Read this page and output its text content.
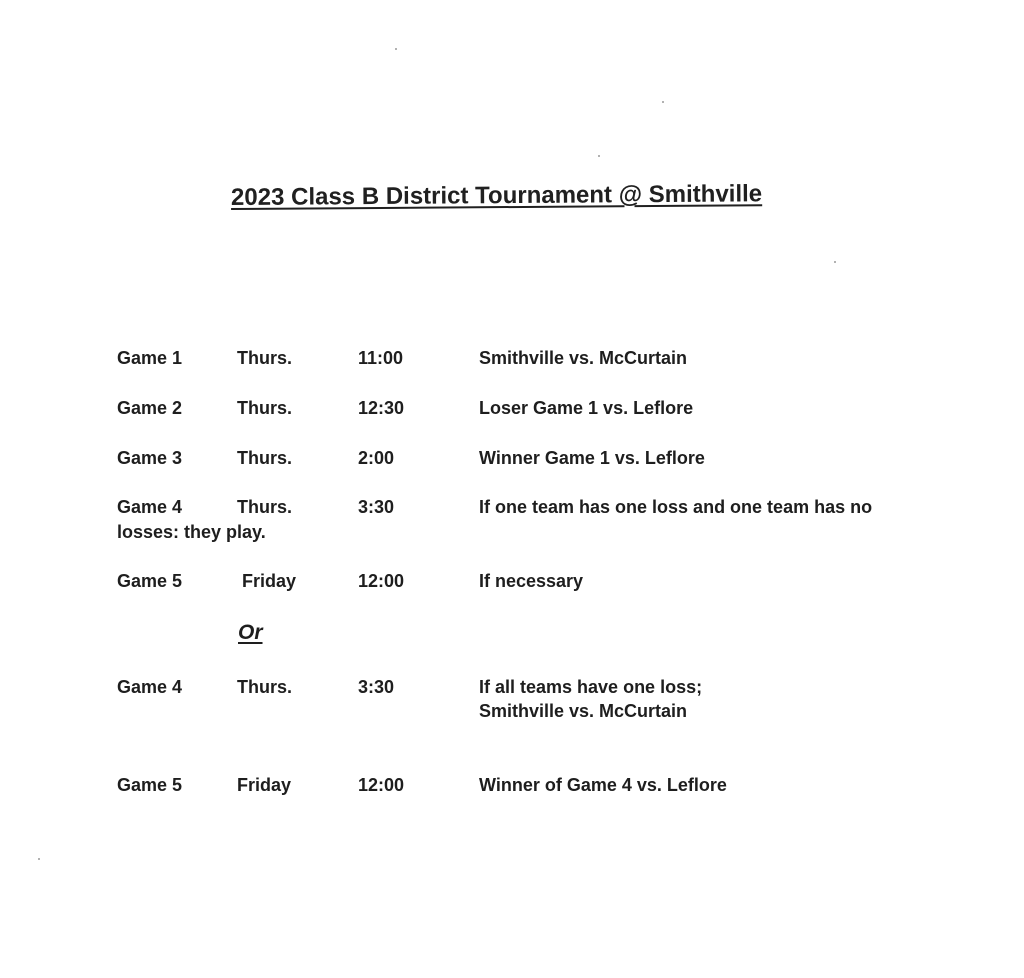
2023 Class B District Tournament @ Smithville
Game 1	Thurs.	11:00	Smithville vs. McCurtain
Game 2	Thurs.	12:30	Loser Game 1 vs. Leflore
Game 3	Thurs.	2:00	Winner Game 1 vs. Leflore
Game 4	Thurs.	3:30	If one team has one loss and one team has no
losses: they play.
Game 5	Friday	12:00	If necessary
Or
Game 4	Thurs.	3:30	If all teams have one loss;
Smithville vs. McCurtain
Game 5	Friday	12:00	Winner of Game 4 vs. Leflore
